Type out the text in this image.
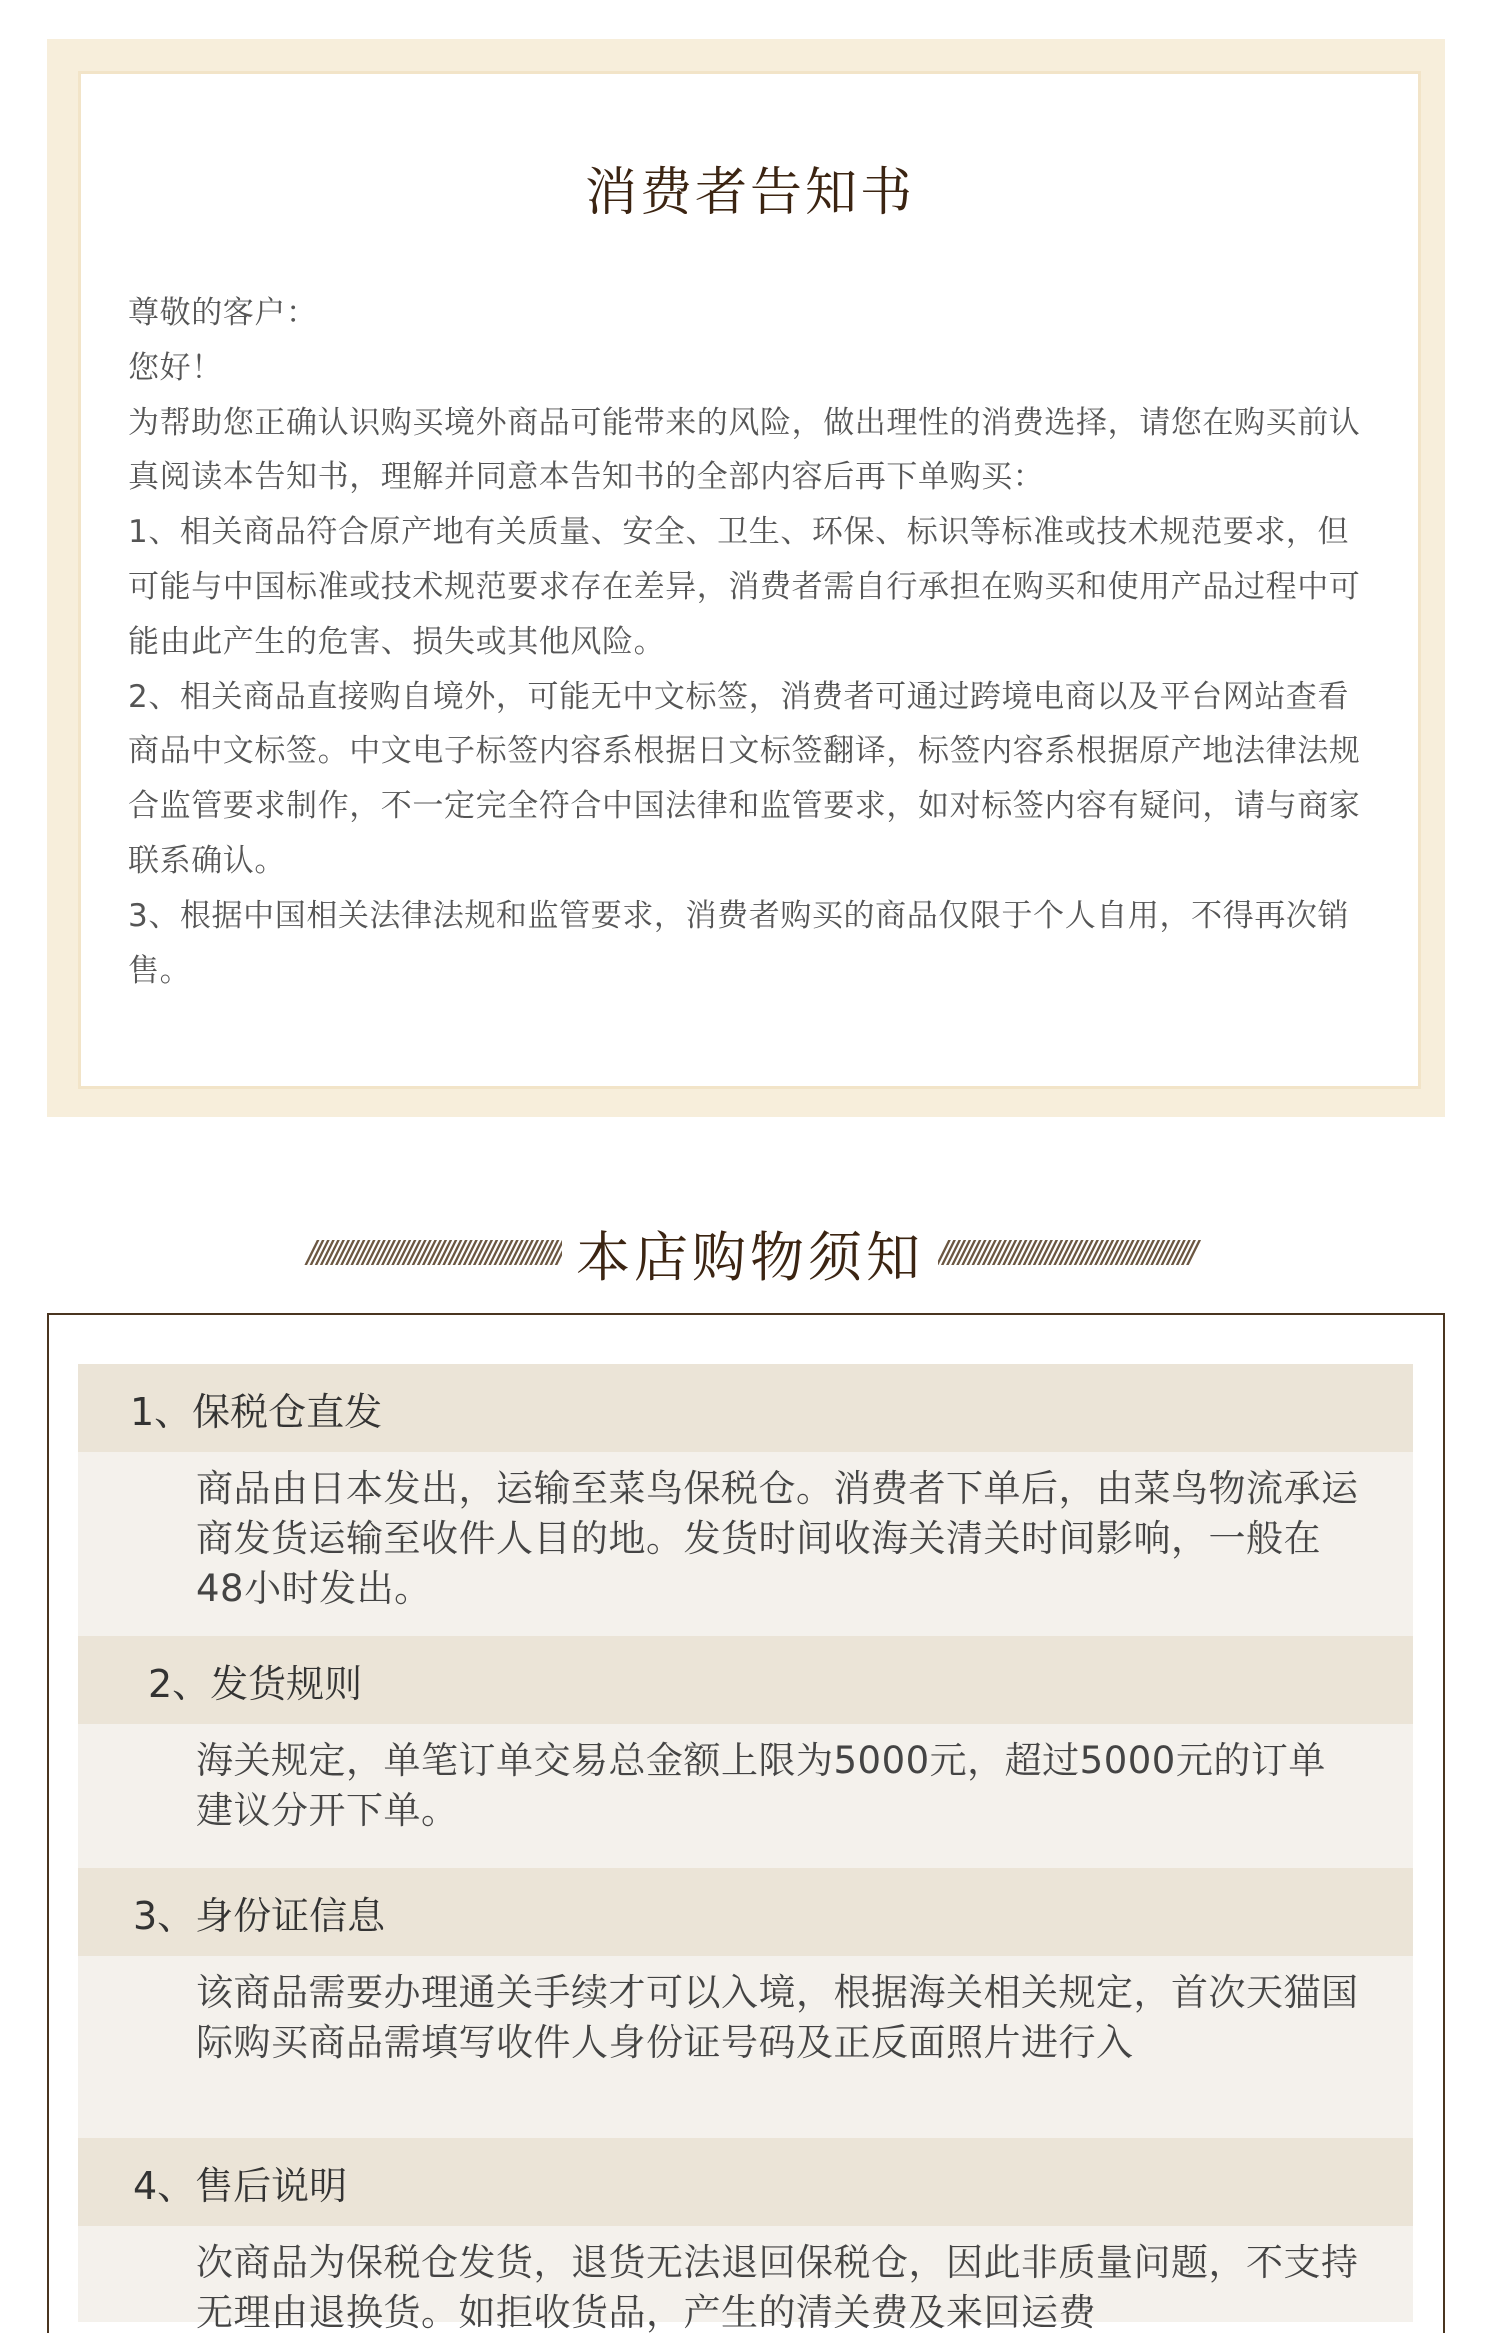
消费者告知书

尊敬的客户：

您好！

为帮助您正确认识购买境外商品可能带来的风险，做出理性的消费选择，请您在购买前认真阅读本告知书，理解并同意本告知书的全部内容后再下单购买：

1、相关商品符合原产地有关质量、安全、卫生、环保、标识等标准或技术规范要求，但可能与中国标准或技术规范要求存在差异，消费者需自行承担在购买和使用产品过程中可能由此产生的危害、损失或其他风险。

2、相关商品直接购自境外，可能无中文标签，消费者可通过跨境电商以及平台网站查看商品中文标签。中文电子标签内容系根据日文标签翻译，标签内容系根据原产地法律法规合监管要求制作，不一定完全符合中国法律和监管要求，如对标签内容有疑问，请与商家联系确认。

3、根据中国相关法律法规和监管要求，消费者购买的商品仅限于个人自用，不得再次销售。

////////////////////////////////////////////////// 本店购物须知 //////////////////////////////////////////////////
1、保税仓直发
商品由日本发出，运输至菜鸟保税仓。消费者下单后，由菜鸟物流承运商发货运输至收件人目的地。发货时间收海关清关时间影响，一般在48小时发出。
2、发货规则
海关规定，单笔订单交易总金额上限为5000元，超过5000元的订单建议分开下单。
3、身份证信息
该商品需要办理通关手续才可以入境，根据海关相关规定，首次天猫国际购买商品需填写收件人身份证号码及正反面照片进行入
4、售后说明
次商品为保税仓发货，退货无法退回保税仓，因此非质量问题，不支持无理由退换货。如拒收货品，产生的清关费及来回运费
